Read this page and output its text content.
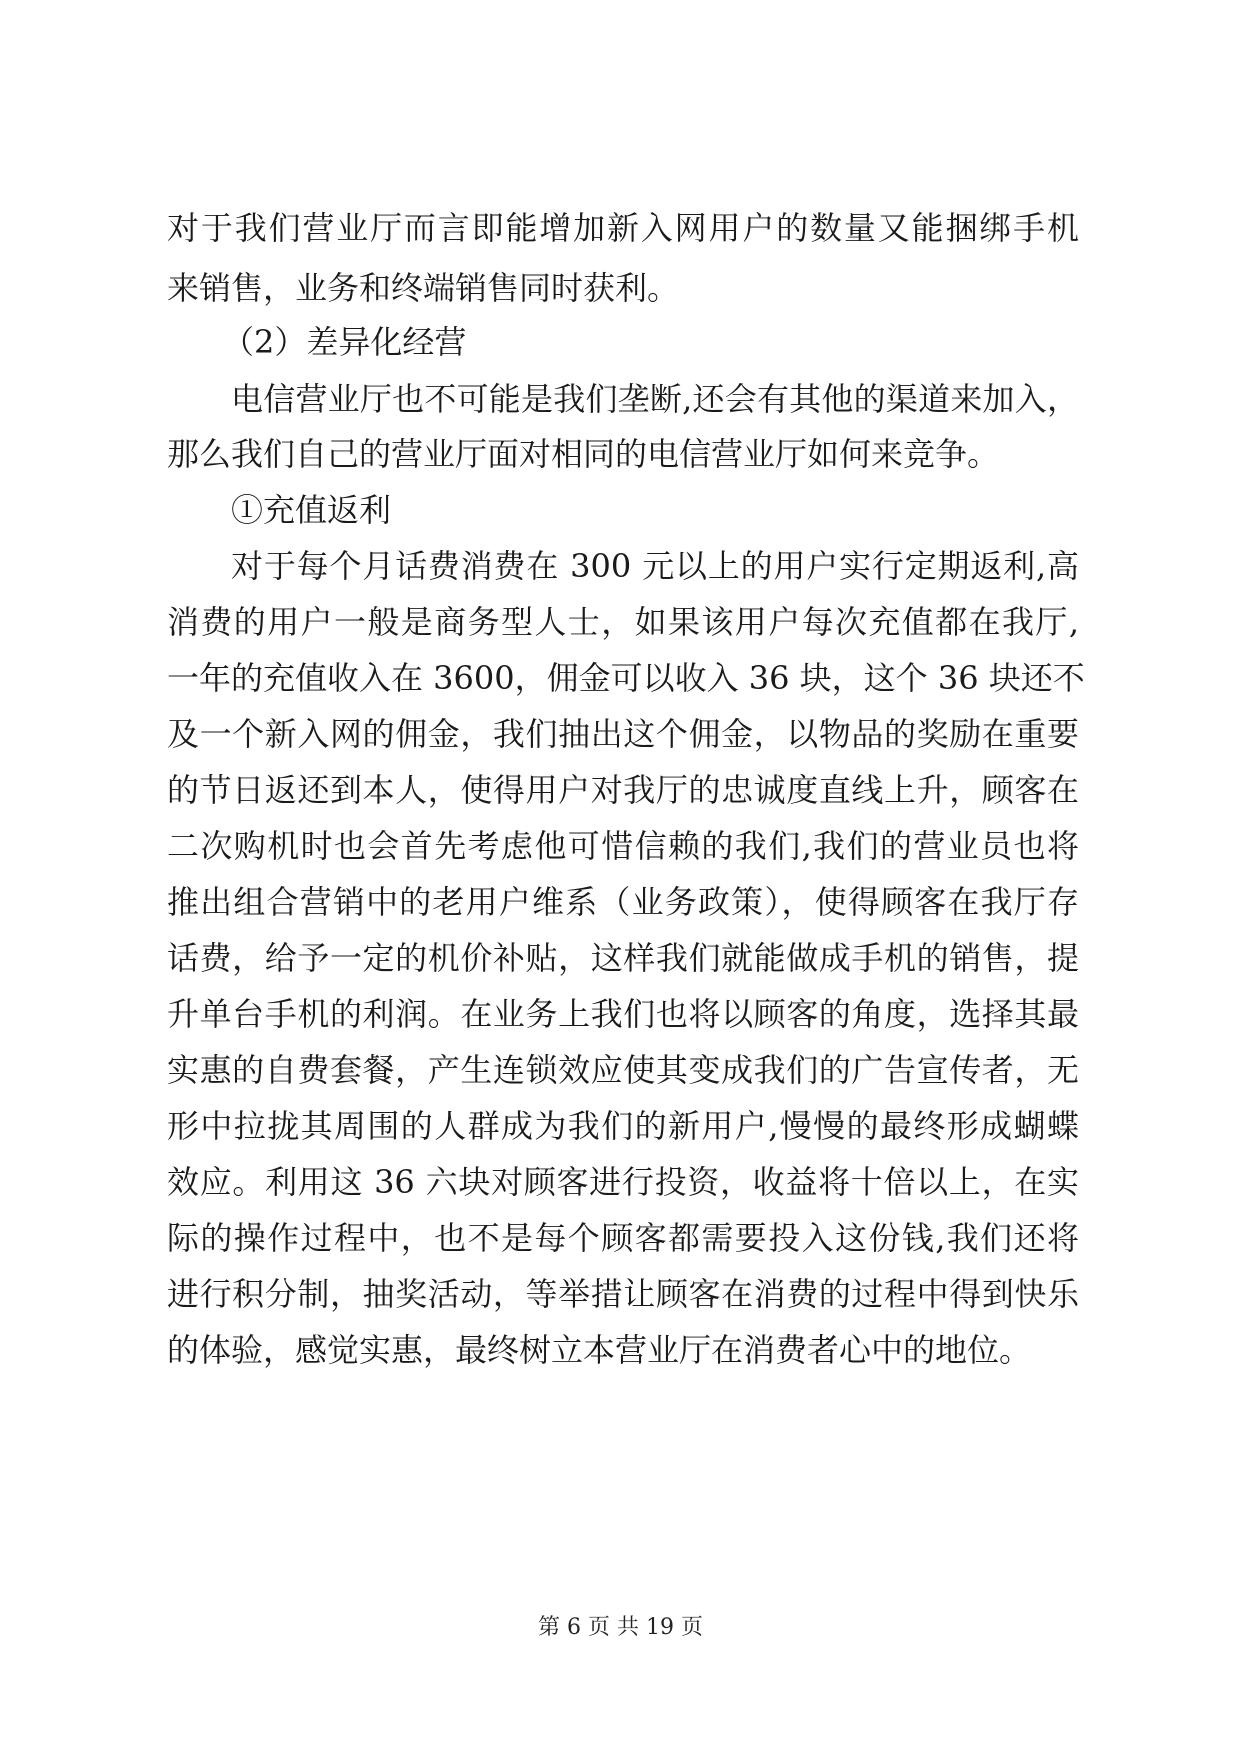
对于我们营业厅而言即能增加新入网用户的数量又能捆绑手机
来销售，业务和终端销售同时获利。
（2）差异化经营
电信营业厅也不可能是我们垄断,还会有其他的渠道来加入，
那么我们自己的营业厅面对相同的电信营业厅如何来竞争。
①充值返利
对于每个月话费消费在 300 元以上的用户实行定期返利,高
消费的用户一般是商务型人士，如果该用户每次充值都在我厅,
一年的充值收入在 3600，佣金可以收入 36 块，这个 36 块还不
及一个新入网的佣金，我们抽出这个佣金，以物品的奖励在重要
的节日返还到本人，使得用户对我厅的忠诚度直线上升，顾客在
二次购机时也会首先考虑他可惜信赖的我们,我们的营业员也将
推出组合营销中的老用户维系（业务政策），使得顾客在我厅存
话费，给予一定的机价补贴，这样我们就能做成手机的销售，提
升单台手机的利润。在业务上我们也将以顾客的角度，选择其最
实惠的自费套餐，产生连锁效应使其变成我们的广告宣传者，无
形中拉拢其周围的人群成为我们的新用户,慢慢的最终形成蝴蝶
效应。利用这 36 六块对顾客进行投资，收益将十倍以上，在实
际的操作过程中，也不是每个顾客都需要投入这份钱,我们还将
进行积分制，抽奖活动，等举措让顾客在消费的过程中得到快乐
的体验，感觉实惠，最终树立本营业厅在消费者心中的地位。
第 6 页 共 19 页
